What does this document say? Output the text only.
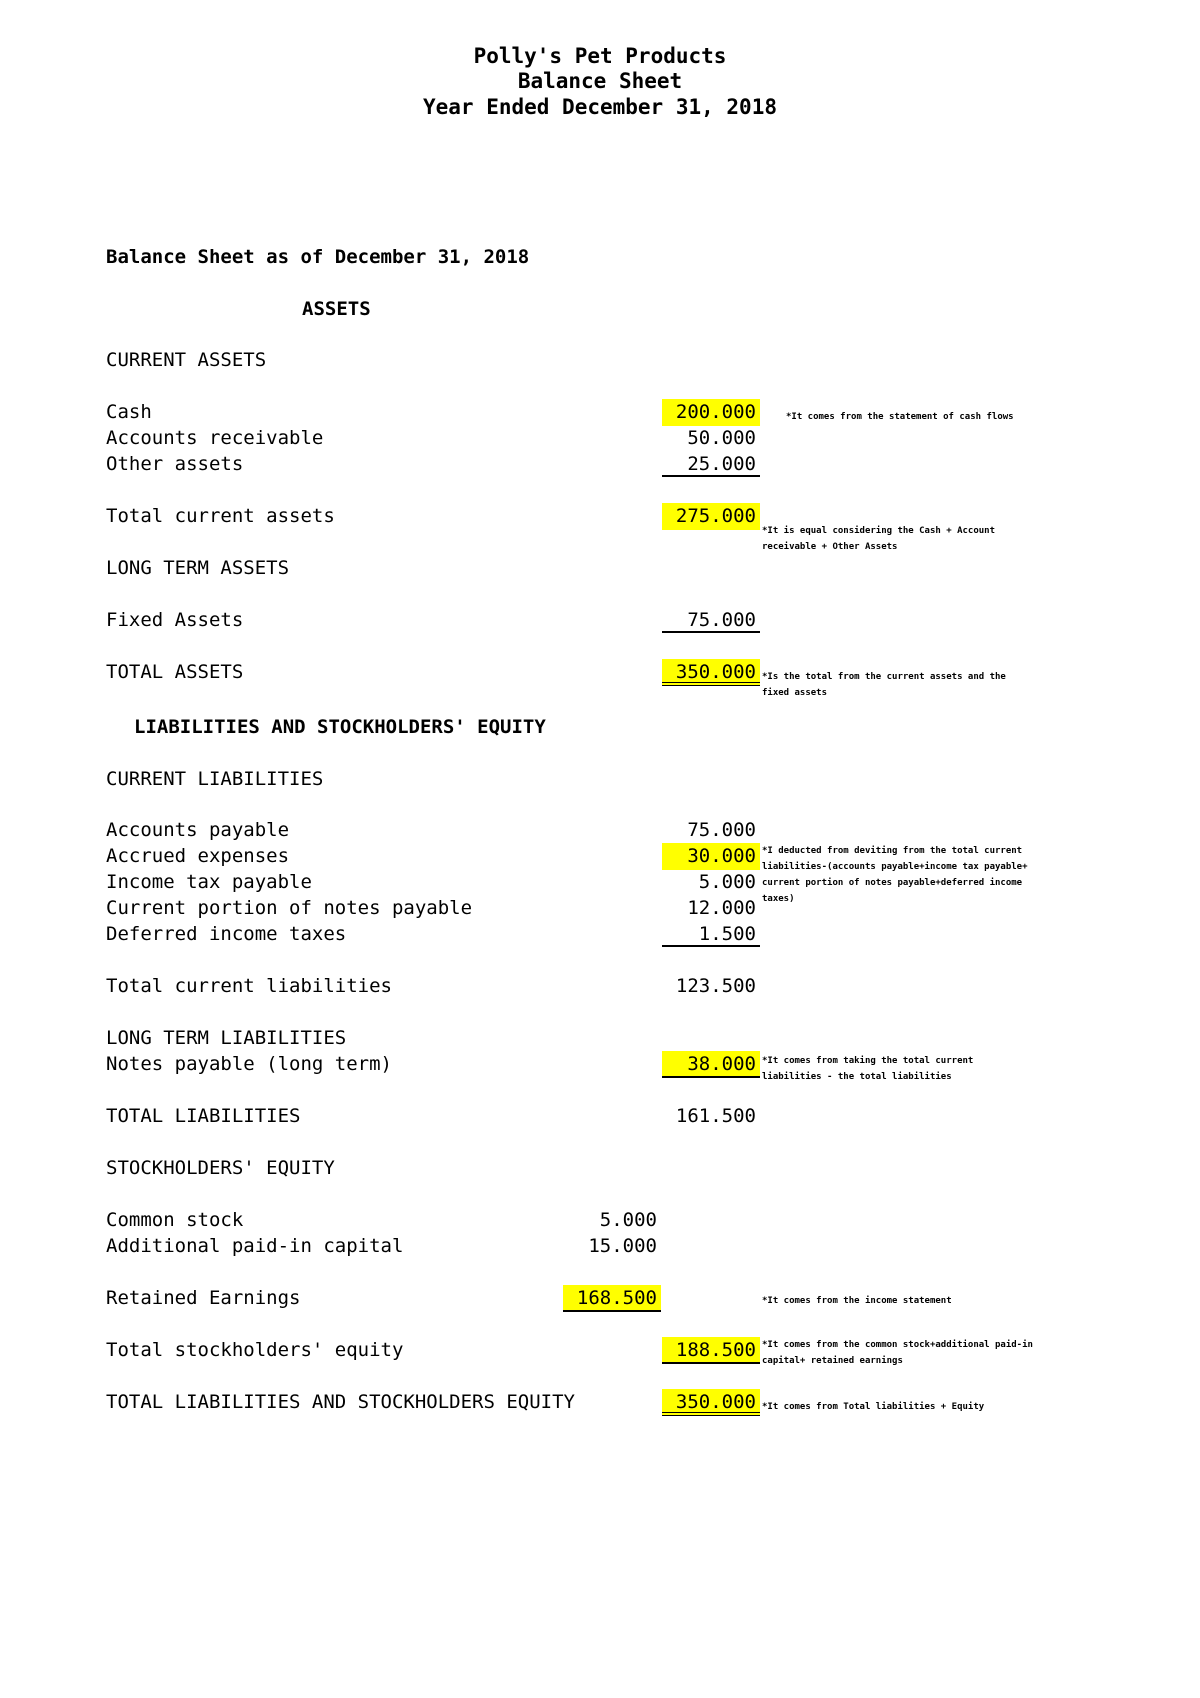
Polly's Pet Products
Balance Sheet
Year Ended December 31, 2018
Balance Sheet as of December 31, 2018
ASSETS
CURRENT ASSETS
Cash	200.000	*It comes from the statement of cash flows
Accounts receivable	50.000
Other assets	25.000
Total current assets	275.000
*It is equal considering the Cash + Account receivable + Other Assets
LONG TERM ASSETS
Fixed Assets	75.000
TOTAL ASSETS	350.000 *Is the total from the current assets and the fixed assets
LIABILITIES AND STOCKHOLDERS' EQUITY
CURRENT LIABILITIES
Accounts payable	75.000
Accrued expenses	30.000 *I deducted from deviting from the total current liabilities-(accounts payable+income tax payable+ current portion of notes payable+deferred income taxes)
Income tax payable	5.000
Current portion of notes payable	12.000
Deferred income taxes	1.500
Total current liabilities	123.500
LONG TERM LIABILITIES
Notes payable (long term)	38.000 *It comes from taking the total current liabilities - the total liabilities
TOTAL LIABILITIES	161.500
STOCKHOLDERS' EQUITY
Common stock	5.000
Additional paid-in capital	15.000
Retained Earnings	168.500	*It comes from the income statement
Total stockholders' equity	188.500 *It comes from the common stock+additional paid-in capital+ retained earnings
TOTAL LIABILITIES AND STOCKHOLDERS EQUITY	350.000 *It comes from Total liabilities + Equity
